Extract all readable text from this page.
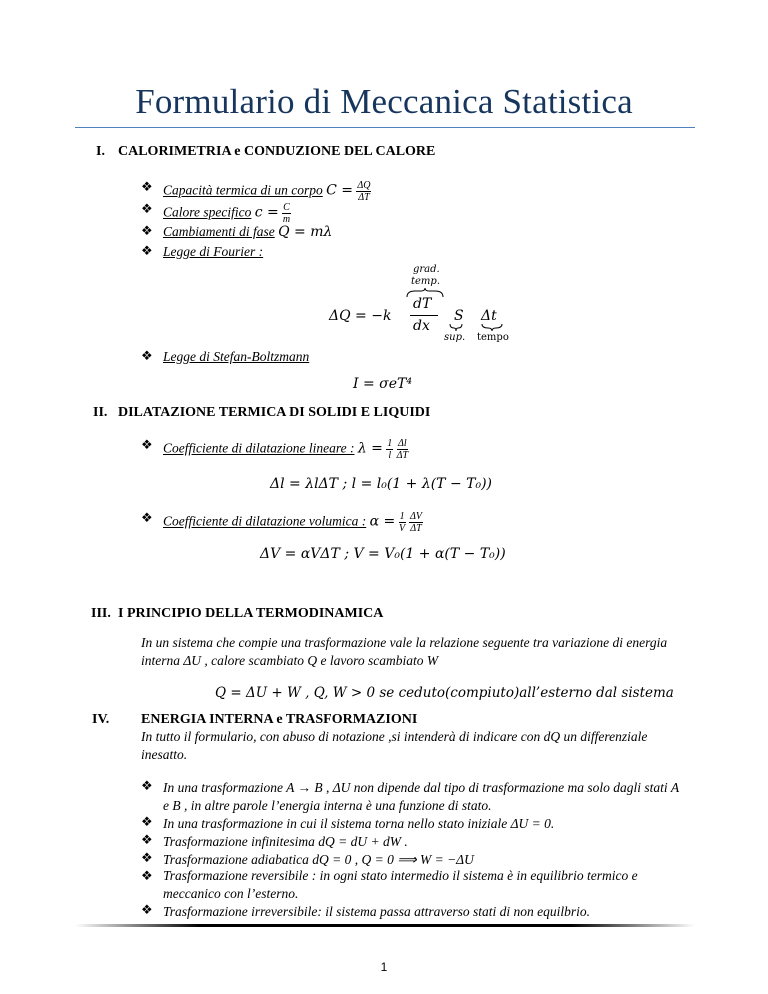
Formulario di Meccanica Statistica
I. CALORIMETRIA e CONDUZIONE DEL CALORE
❖ Capacità termica di un corpo $C = \frac{\Delta Q}{\Delta T}$
❖ Calore specifico $c = \frac{C}{m}$
❖ Cambiamenti di fase Q = mλ
❖ Legge di Fourier :
grad.
temp.
ΔQ = −k
dT
dx
S Δt
sup. tempo
❖ Legge di Stefan-Boltzmann
I = σeT⁴
II. DILATAZIONE TERMICA DI SOLIDI E LIQUIDI
❖ Coefficiente di dilatazione lineare : $\lambda = \frac{1}{l}$
$\frac{\Delta l}{\Delta T}$
Δl = λlΔT ; l = l₀(1 + λ(T − T₀))
❖ Coefficiente di dilatazione volumica : $\alpha = \frac{1}{V}$
$\frac{\Delta V}{\Delta T}$
ΔV = αVΔT ; V = V₀(1 + α(T − T₀))
III. I PRINCIPIO DELLA TERMODINAMICA
In un sistema che compie una trasformazione vale la relazione seguente tra variazione di energia interna ΔU , calore scambiato Q e lavoro scambiato W
Q = ΔU + W , Q, W > 0 se ceduto(compiuto)all’esterno dal sistema
IV. ENERGIA INTERNA e TRASFORMAZIONI
In tutto il formulario, con abuso di notazione ,si intenderà di indicare con dQ un differenziale inesatto.
❖ In una trasformazione A → B , ΔU non dipende dal tipo di trasformazione ma solo dagli stati A e B , in altre parole l’energia interna è una funzione di stato.
❖ In una trasformazione in cui il sistema torna nello stato iniziale ΔU = 0.
❖ Trasformazione infinitesima dQ = dU + dW .
❖ Trasformazione adiabatica dQ = 0 , Q = 0 ⟹ W = −ΔU
❖ Trasformazione reversibile : in ogni stato intermedio il sistema è in equilibrio termico e meccanico con l’esterno.
❖ Trasformazione irreversibile: il sistema passa attraverso stati di non equilbrio.
1
